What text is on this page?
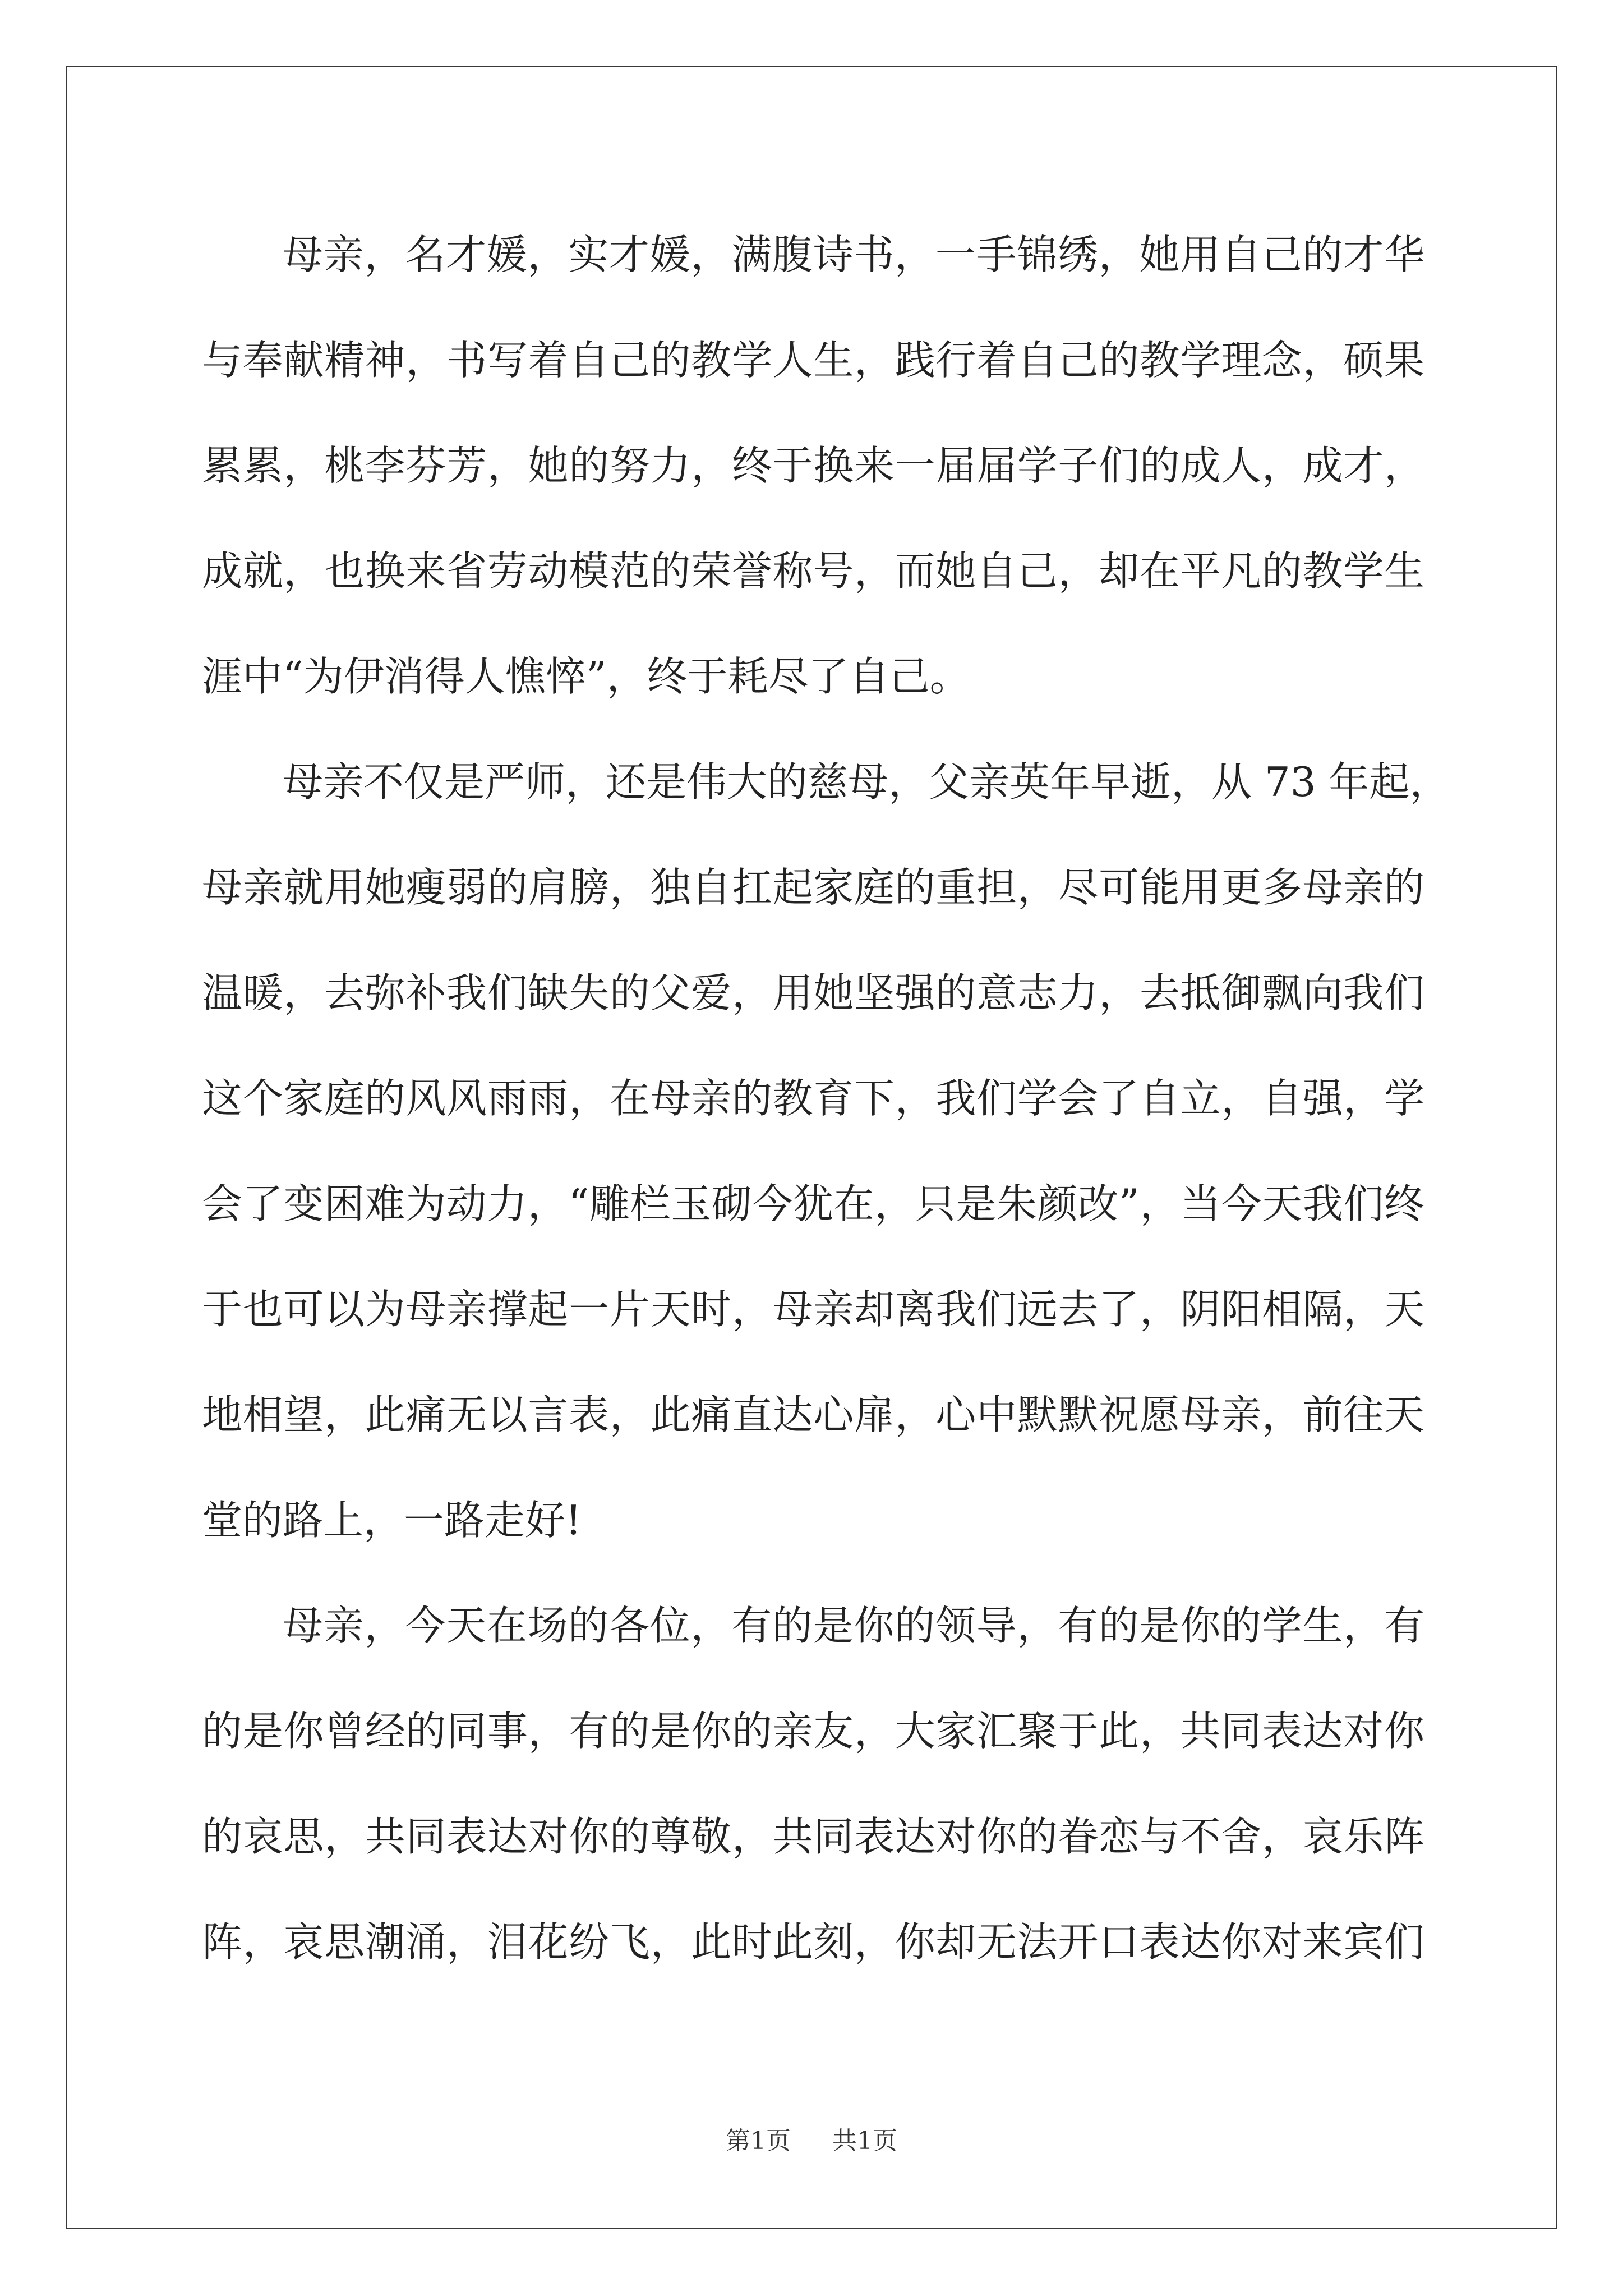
母亲，名才媛，实才媛，满腹诗书，一手锦绣，她用自己的才华
与奉献精神，书写着自己的教学人生，践行着自己的教学理念，硕果
累累，桃李芬芳，她的努力，终于换来一届届学子们的成人，成才，
成就，也换来省劳动模范的荣誉称号，而她自己，却在平凡的教学生
涯中“为伊消得人憔悴”，终于耗尽了自己。
母亲不仅是严师，还是伟大的慈母，父亲英年早逝，从 73 年起，
母亲就用她瘦弱的肩膀，独自扛起家庭的重担，尽可能用更多母亲的
温暖，去弥补我们缺失的父爱，用她坚强的意志力，去抵御飘向我们
这个家庭的风风雨雨，在母亲的教育下，我们学会了自立，自强，学
会了变困难为动力，“雕栏玉砌今犹在，只是朱颜改”，当今天我们终
于也可以为母亲撑起一片天时，母亲却离我们远去了，阴阳相隔，天
地相望，此痛无以言表，此痛直达心扉，心中默默祝愿母亲，前往天
堂的路上，一路走好!
母亲，今天在场的各位，有的是你的领导，有的是你的学生，有
的是你曾经的同事，有的是你的亲友，大家汇聚于此，共同表达对你
的哀思，共同表达对你的尊敬，共同表达对你的眷恋与不舍，哀乐阵
阵，哀思潮涌，泪花纷飞，此时此刻，你却无法开口表达你对来宾们
第1页 共1页
